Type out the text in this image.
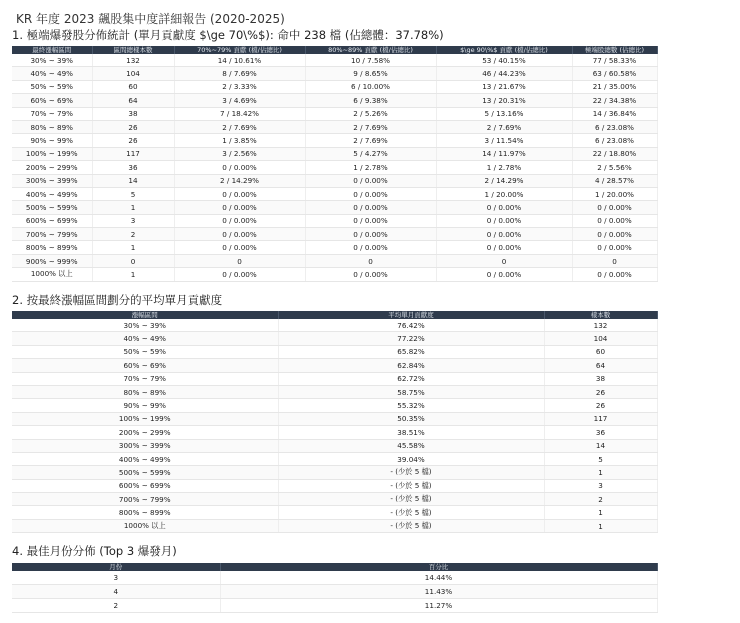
KR 年度 2023 飆股集中度詳細報告 (2020-2025)
1. 極端爆發股分佈統計 (單月貢獻度 $\ge 70\%$): 命中 238 檔 (佔總體：37.78%)
最終漲幅區間	區間總樣本數	70%~79% 貢獻 (檔/佔總比)	80%~89% 貢獻 (檔/佔總比)	$\ge 90\%$ 貢獻 (檔/佔總比)	極端股總數 (佔總比)
30% ~ 39%	132	14 / 10.61%	10 / 7.58%	53 / 40.15%	77 / 58.33%
40% ~ 49%	104	8 / 7.69%	9 / 8.65%	46 / 44.23%	63 / 60.58%
50% ~ 59%	60	2 / 3.33%	6 / 10.00%	13 / 21.67%	21 / 35.00%
60% ~ 69%	64	3 / 4.69%	6 / 9.38%	13 / 20.31%	22 / 34.38%
70% ~ 79%	38	7 / 18.42%	2 / 5.26%	5 / 13.16%	14 / 36.84%
80% ~ 89%	26	2 / 7.69%	2 / 7.69%	2 / 7.69%	6 / 23.08%
90% ~ 99%	26	1 / 3.85%	2 / 7.69%	3 / 11.54%	6 / 23.08%
100% ~ 199%	117	3 / 2.56%	5 / 4.27%	14 / 11.97%	22 / 18.80%
200% ~ 299%	36	0 / 0.00%	1 / 2.78%	1 / 2.78%	2 / 5.56%
300% ~ 399%	14	2 / 14.29%	0 / 0.00%	2 / 14.29%	4 / 28.57%
400% ~ 499%	5	0 / 0.00%	0 / 0.00%	1 / 20.00%	1 / 20.00%
500% ~ 599%	1	0 / 0.00%	0 / 0.00%	0 / 0.00%	0 / 0.00%
600% ~ 699%	3	0 / 0.00%	0 / 0.00%	0 / 0.00%	0 / 0.00%
700% ~ 799%	2	0 / 0.00%	0 / 0.00%	0 / 0.00%	0 / 0.00%
800% ~ 899%	1	0 / 0.00%	0 / 0.00%	0 / 0.00%	0 / 0.00%
900% ~ 999%	0	0	0	0	0
1000% 以上	1	0 / 0.00%	0 / 0.00%	0 / 0.00%	0 / 0.00%
2. 按最終漲幅區間劃分的平均單月貢獻度
漲幅區間	平均單月貢獻度	樣本數
30% ~ 39%	76.42%	132
40% ~ 49%	77.22%	104
50% ~ 59%	65.82%	60
60% ~ 69%	62.84%	64
70% ~ 79%	62.72%	38
80% ~ 89%	58.75%	26
90% ~ 99%	55.32%	26
100% ~ 199%	50.35%	117
200% ~ 299%	38.51%	36
300% ~ 399%	45.58%	14
400% ~ 499%	39.04%	5
500% ~ 599%	- (少於 5 檔)	1
600% ~ 699%	- (少於 5 檔)	3
700% ~ 799%	- (少於 5 檔)	2
800% ~ 899%	- (少於 5 檔)	1
1000% 以上	- (少於 5 檔)	1
4. 最佳月份分佈 (Top 3 爆發月)
月份	百分比
3	14.44%
4	11.43%
2	11.27%
